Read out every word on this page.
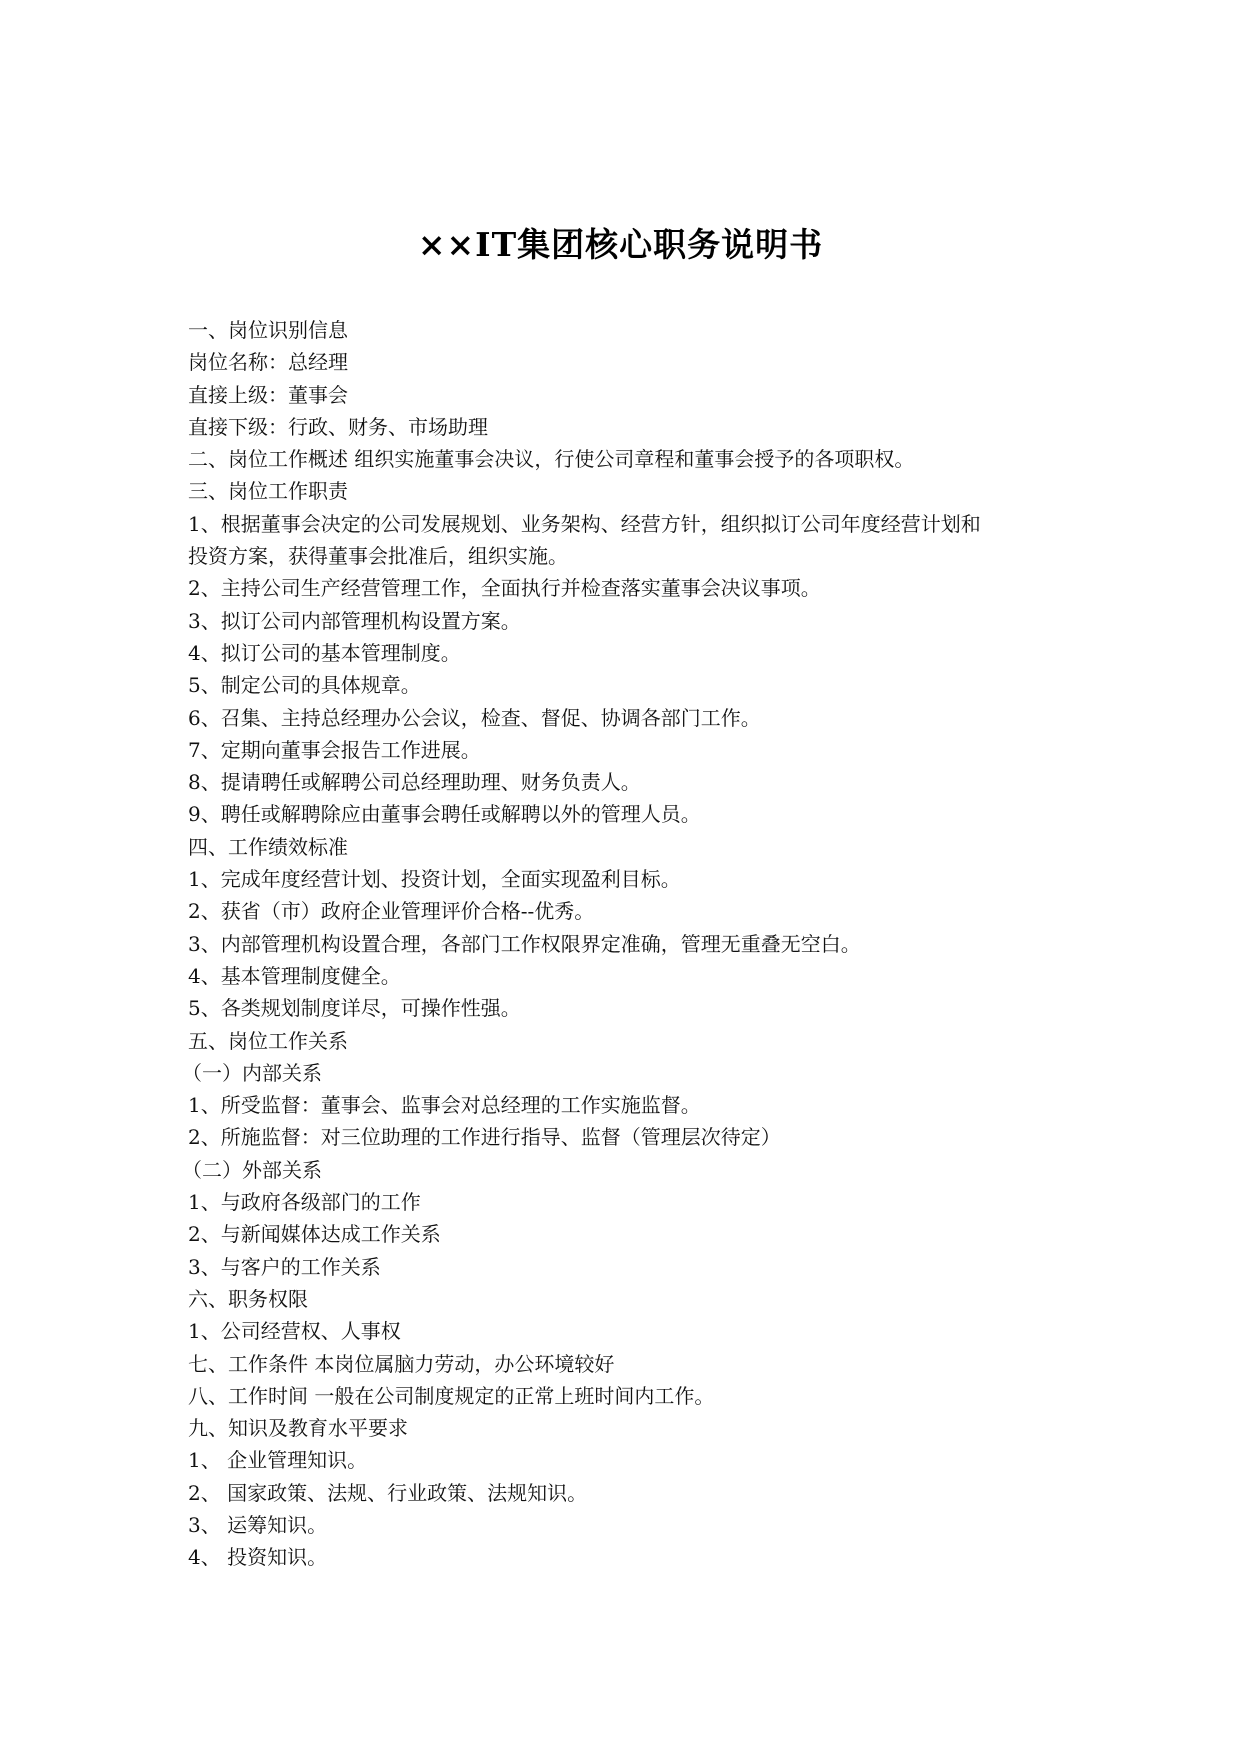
××IT集团核心职务说明书
一、岗位识别信息
岗位名称：总经理
直接上级：董事会
直接下级：行政、财务、市场助理
二、岗位工作概述 组织实施董事会决议，行使公司章程和董事会授予的各项职权。
三、岗位工作职责
1、根据董事会决定的公司发展规划、业务架构、经营方针，组织拟订公司年度经营计划和
投资方案，获得董事会批准后，组织实施。
2、主持公司生产经营管理工作，全面执行并检查落实董事会决议事项。
3、拟订公司内部管理机构设置方案。
4、拟订公司的基本管理制度。
5、制定公司的具体规章。
6、召集、主持总经理办公会议，检查、督促、协调各部门工作。
7、定期向董事会报告工作进展。
8、提请聘任或解聘公司总经理助理、财务负责人。
9、聘任或解聘除应由董事会聘任或解聘以外的管理人员。
四、工作绩效标准
1、完成年度经营计划、投资计划，全面实现盈利目标。
2、获省（市）政府企业管理评价合格--优秀。
3、内部管理机构设置合理，各部门工作权限界定准确，管理无重叠无空白。
4、基本管理制度健全。
5、各类规划制度详尽，可操作性强。
五、岗位工作关系
（一）内部关系
1、所受监督：董事会、监事会对总经理的工作实施监督。
2、所施监督：对三位助理的工作进行指导、监督（管理层次待定）
（二）外部关系
1、与政府各级部门的工作
2、与新闻媒体达成工作关系
3、与客户的工作关系
六、职务权限
1、公司经营权、人事权
七、工作条件 本岗位属脑力劳动，办公环境较好
八、工作时间 一般在公司制度规定的正常上班时间内工作。
九、知识及教育水平要求
1、 企业管理知识。
2、 国家政策、法规、行业政策、法规知识。
3、 运筹知识。
4、 投资知识。
